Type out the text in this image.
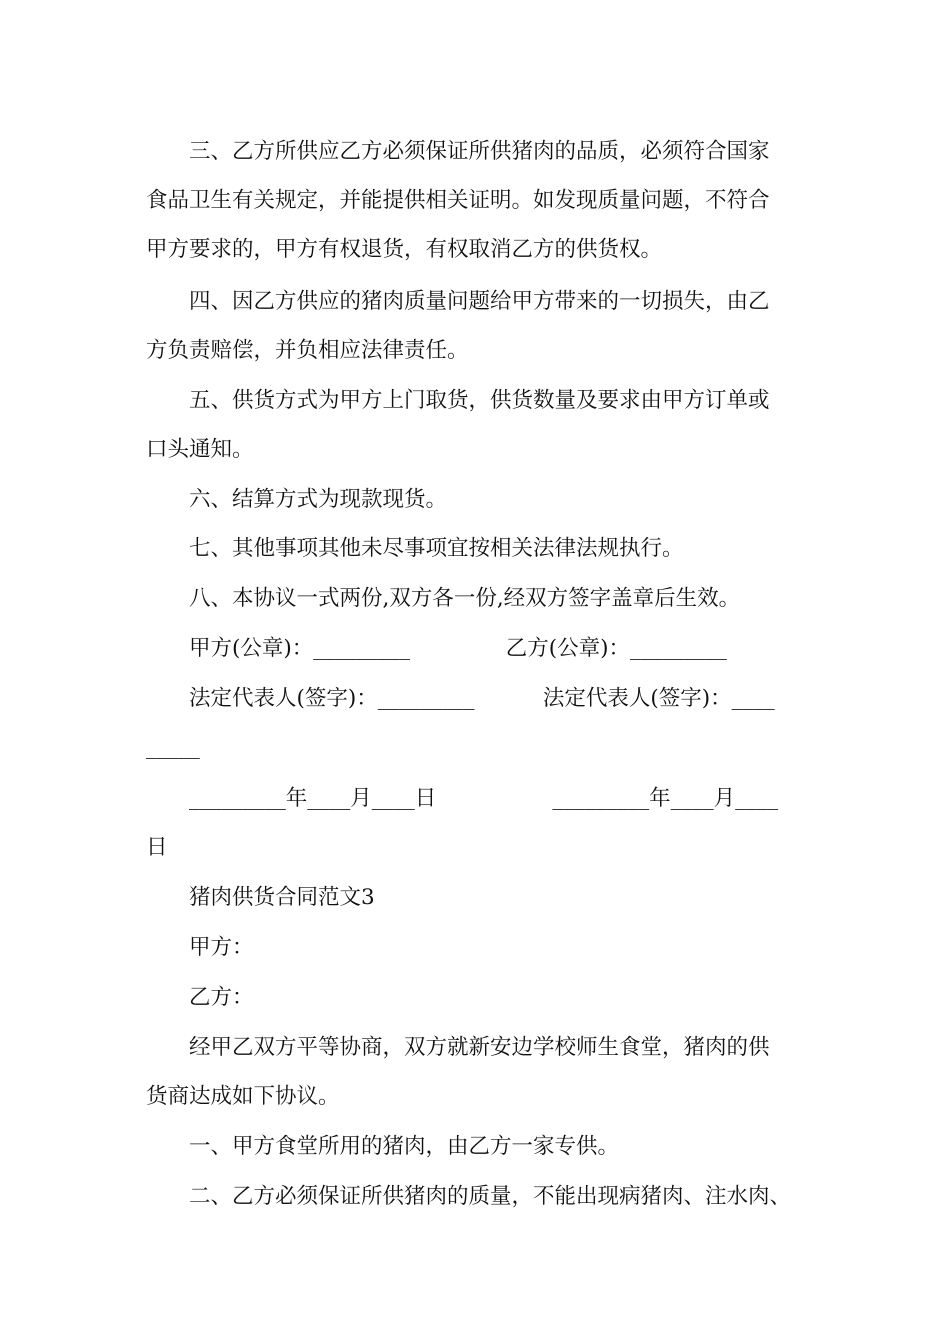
三、乙方所供应乙方必须保证所供猪肉的品质，必须符合国家
食品卫生有关规定，并能提供相关证明。如发现质量问题，不符合
甲方要求的，甲方有权退货，有权取消乙方的供货权。
四、因乙方供应的猪肉质量问题给甲方带来的一切损失，由乙
方负责赔偿，并负相应法律责任。
五、供货方式为甲方上门取货，供货数量及要求由甲方订单或
口头通知。
六、结算方式为现款现货。
七、其他事项其他未尽事项宜按相关法律法规执行。
八、本协议一式两份,双方各一份,经双方签字盖章后生效。
甲方(公章)：_________              乙方(公章)：_________
法定代表人(签字)：_________          法定代表人(签字)：____
_____
_________年____月____日                 _________年____月____
日
猪肉供货合同范文3
甲方：
乙方：
经甲乙双方平等协商，双方就新安边学校师生食堂，猪肉的供
货商达成如下协议。
一、甲方食堂所用的猪肉，由乙方一家专供。
二、乙方必须保证所供猪肉的质量，不能出现病猪肉、注水肉、
